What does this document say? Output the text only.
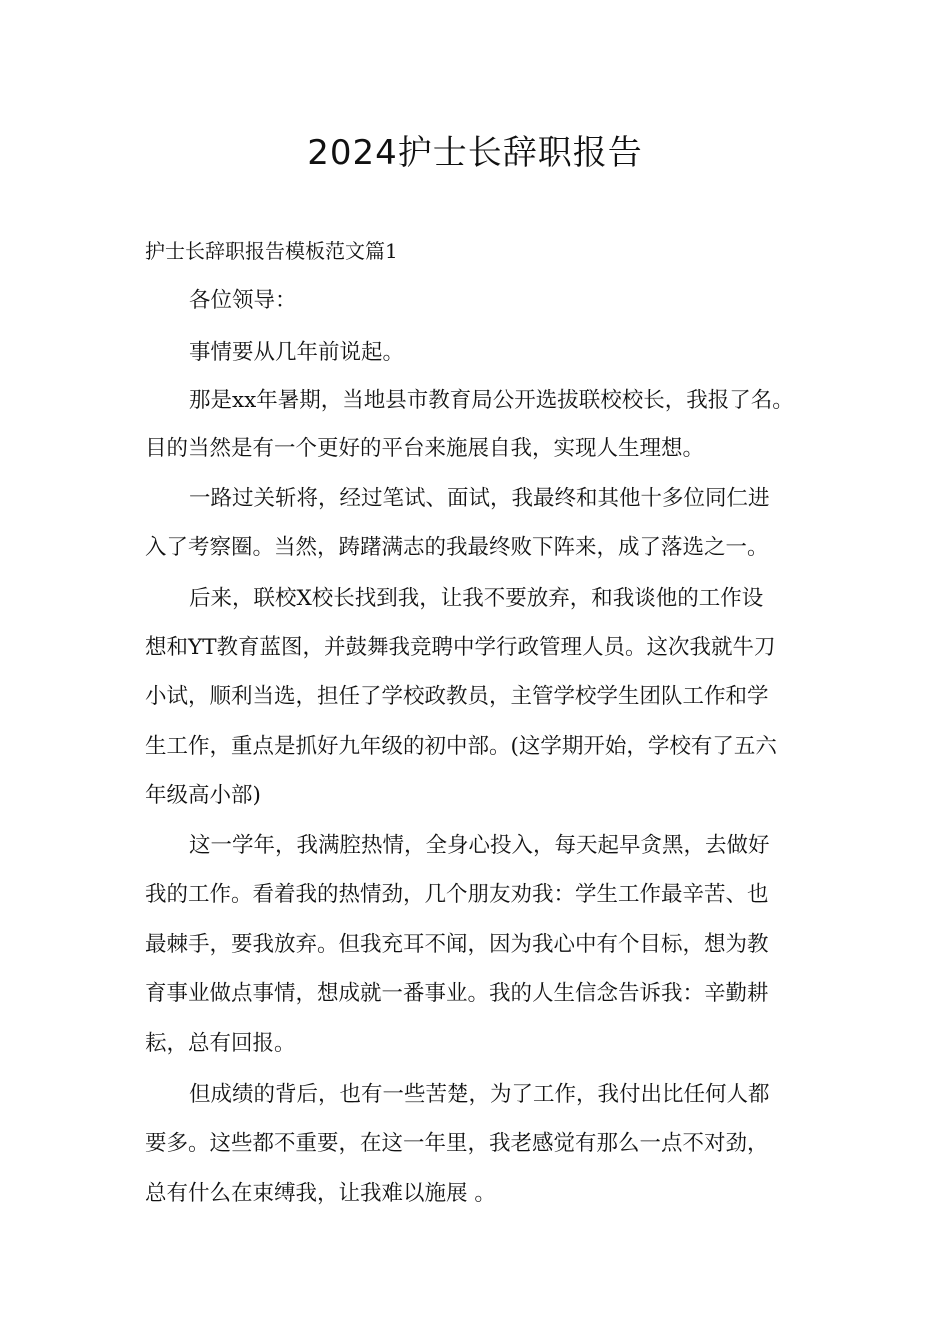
2024护士长辞职报告

护士长辞职报告模板范文篇1

各位领导：

事情要从几年前说起。

那是xx年暑期，当地县市教育局公开选拔联校校长，我报了名。

目的当然是有一个更好的平台来施展自我，实现人生理想。

一路过关斩将，经过笔试、面试，我最终和其他十多位同仁进

入了考察圈。当然，踌躇满志的我最终败下阵来，成了落选之一。

后来，联校X校长找到我，让我不要放弃，和我谈他的工作设

想和YT教育蓝图，并鼓舞我竞聘中学行政管理人员。这次我就牛刀

小试，顺利当选，担任了学校政教员，主管学校学生团队工作和学

生工作，重点是抓好九年级的初中部。(这学期开始，学校有了五六

年级高小部)

这一学年，我满腔热情，全身心投入，每天起早贪黑，去做好

我的工作。看着我的热情劲，几个朋友劝我：学生工作最辛苦、也

最棘手，要我放弃。但我充耳不闻，因为我心中有个目标，想为教

育事业做点事情，想成就一番事业。我的人生信念告诉我：辛勤耕

耘，总有回报。

但成绩的背后，也有一些苦楚，为了工作，我付出比任何人都

要多。这些都不重要，在这一年里，我老感觉有那么一点不对劲，

总有什么在束缚我，让我难以施展 。
